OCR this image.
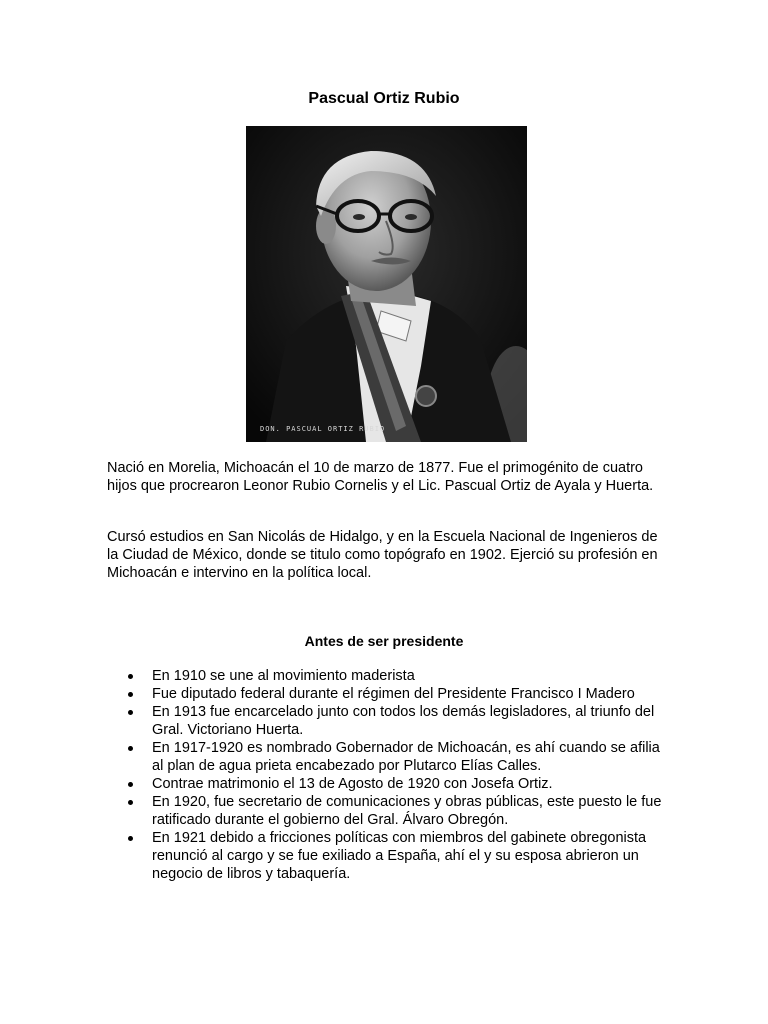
Pascual Ortiz Rubio
DON. PASCUAL ORTIZ RUBIO

Nació en Morelia, Michoacán el 10 de marzo de 1877. Fue el primogénito de cuatro hijos que procrearon Leonor Rubio Cornelis y el Lic. Pascual Ortiz de Ayala y Huerta.

Cursó estudios en San Nicolás de Hidalgo, y en la Escuela Nacional de Ingenieros de la Ciudad de México, donde se titulo como topógrafo en 1902. Ejerció su profesión en Michoacán e intervino en la política local.

Antes de ser presidente
En 1910 se une al movimiento maderista
Fue diputado federal durante el régimen del Presidente Francisco I Madero
En 1913 fue encarcelado junto con todos los demás legisladores, al triunfo del Gral. Victoriano Huerta.
En 1917-1920 es nombrado Gobernador de Michoacán, es ahí cuando se afilia al plan de agua prieta encabezado por Plutarco Elías Calles.
Contrae matrimonio el 13 de Agosto de 1920 con Josefa Ortiz.
En 1920, fue secretario de comunicaciones y obras públicas, este puesto le fue ratificado durante el gobierno del Gral. Álvaro Obregón.
En 1921 debido a fricciones políticas con miembros del gabinete obregonista renunció al cargo y se fue exiliado a España, ahí el y su esposa abrieron un negocio de libros y tabaquería.
